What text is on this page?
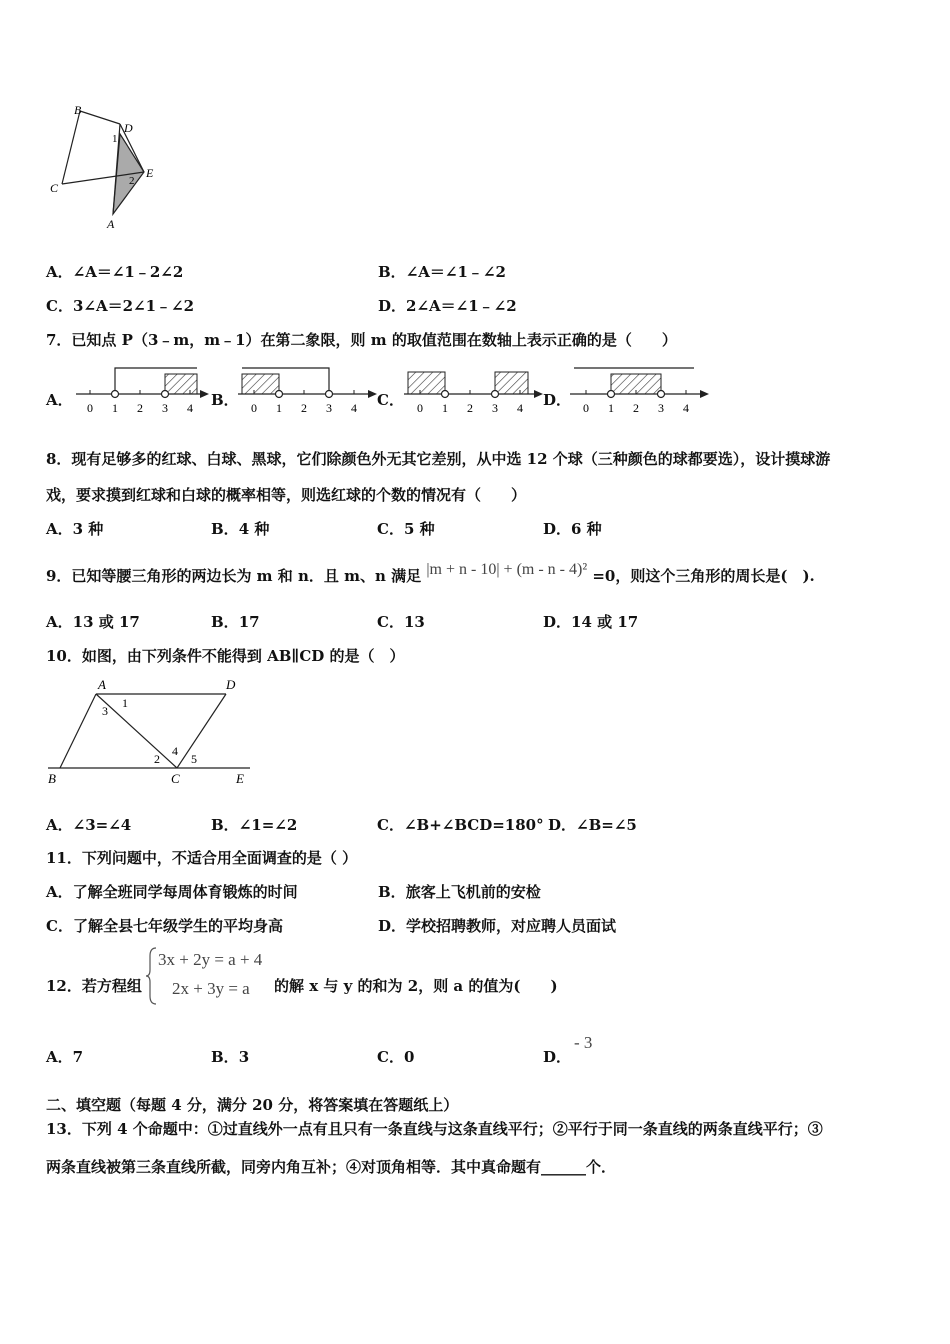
B
D
1
E
2
C
A
A．∠A＝∠1﹣2∠2	B．∠A＝∠1﹣∠2
C．3∠A＝2∠1﹣∠2	D．2∠A＝∠1﹣∠2
7．已知点 P（3﹣m，m﹣1）在第二象限，则 m 的取值范围在数轴上表示正确的是（　　）
A． 0 1 2 3 4 B． 0 1 2 3 4 C． 0 1 2 3 4 D． 0 1 2 3 4
8．现有足够多的红球、白球、黑球，它们除颜色外无其它差别，从中选 12 个球（三种颜色的球都要选），设计摸球游
戏，要求摸到红球和白球的概率相等，则选红球的个数的情况有（　　）
A．3 种	B．4 种	C．5 种	D．6 种
9．已知等腰三角形的两边长为 m 和 n．且 m、n 满足 |m + n - 10| + (m - n - 4)² =0，则这个三角形的周长是(　).
A．13 或 17	B．17	C．13	D．14 或 17
10．如图，由下列条件不能得到 AB∥CD 的是（　）
A	D
B	C	E
3
1
2
4
5
A．∠3=∠4	B．∠1=∠2	C．∠B+∠BCD=180° D．∠B=∠5
11．下列问题中，不适合用全面调查的是（ ）
A．了解全班同学每周体育锻炼的时间	B．旅客上飞机前的安检
C．了解全县七年级学生的平均身高	D．学校招聘教师，对应聘人员面试
12．若方程组
3x + 2y = a + 4
2x + 3y = a 的解 x 与 y 的和为 2，则 a 的值为(　　)
A．7	B．3	C．0	D．
- 3
二、填空题（每题 4 分，满分 20 分，将答案填在答题纸上）
13．下列 4 个命题中：①过直线外一点有且只有一条直线与这条直线平行；②平行于同一条直线的两条直线平行；③
两条直线被第三条直线所截，同旁内角互补；④对顶角相等．其中真命题有______个．
